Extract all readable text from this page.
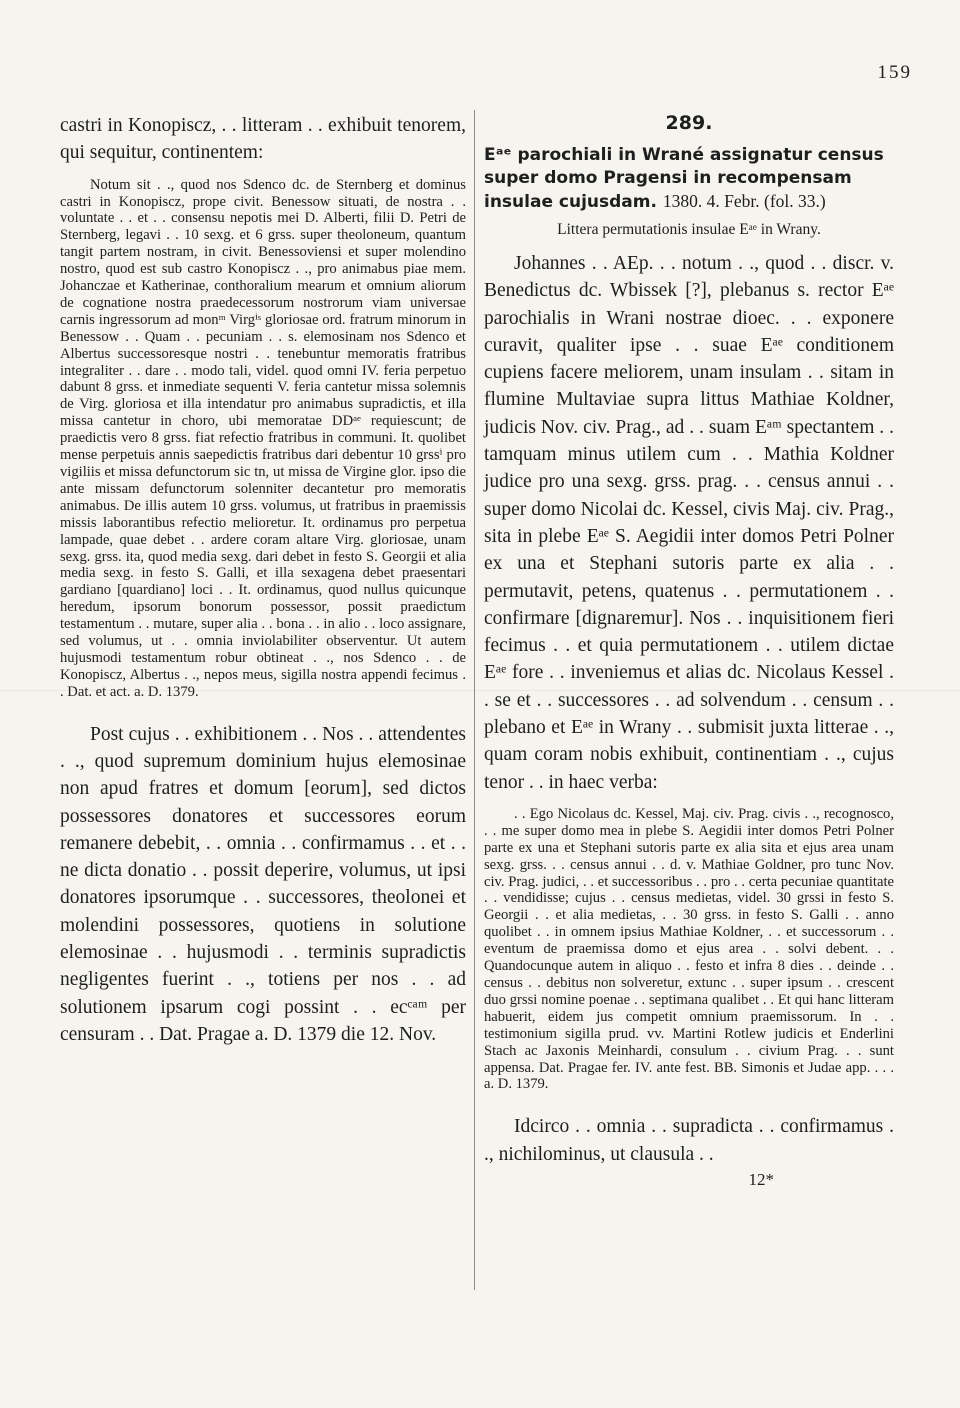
159

castri in Konopiscz, . . litteram . . exhibuit tenorem, qui sequitur, continentem:

Notum sit . ., quod nos Sdenco dc. de Sternberg et dominus castri in Konopiscz, prope civit. Benessow situati, de nostra . . voluntate . . et . . consensu nepotis mei D. Alberti, filii D. Petri de Sternberg, legavi . . 10 sexg. et 6 grss. super theoloneum, quantum tangit partem nostram, in civit. Benessoviensi et super molendino nostro, quod est sub castro Konopiscz . ., pro animabus piae mem. Johanczae et Katherinae, conthoralium mearum et omnium aliorum de cognatione nostra praedecessorum nostrorum viam universae carnis ingressorum ad monᵐ Virgⁱˢ gloriosae ord. fratrum minorum in Benessow . . Quam . . pecuniam . . s. elemosinam nos Sdenco et Albertus successoresque nostri . . tenebuntur memoratis fratribus integraliter . . dare . . modo tali, videl. quod omni IV. feria perpetuo dabunt 8 grss. et inmediate sequenti V. feria cantetur missa solemnis de Virg. gloriosa et illa intendatur pro animabus supradictis, et illa missa cantetur in choro, ubi memoratae DDᵃᵉ requiescunt; de praedictis vero 8 grss. fiat refectio fratribus in communi. It. quolibet mense perpetuis annis saepedictis fratribus dari debentur 10 grssⁱ pro vigiliis et missa defunctorum sic tn, ut missa de Virgine glor. ipso die ante missam defunctorum solenniter decantetur pro memoratis animabus. De illis autem 10 grss. volumus, ut fratribus in praemissis missis laborantibus refectio melioretur. It. ordinamus pro perpetua lampade, quae debet . . ardere coram altare Virg. gloriosae, unam sexg. grss. ita, quod media sexg. dari debet in festo S. Georgii et alia media sexg. in festo S. Galli, et illa sexagena debet praesentari gardiano [quardiano] loci . . It. ordinamus, quod nullus quicunque heredum, ipsorum bonorum possessor, possit praedictum testamentum . . mutare, super alia . . bona . . in alio . . loco assignare, sed volumus, ut . . omnia inviolabiliter observentur. Ut autem hujusmodi testamentum robur obtineat . ., nos Sdenco . . de Konopiscz, Albertus . ., nepos meus, sigilla nostra appendi fecimus . . Dat. et act. a. D. 1379.

Post cujus . . exhibitionem . . Nos . . attendentes . ., quod supremum dominium hujus elemosinae non apud fratres et domum [eorum], sed dictos possessores donatores et successores eorum remanere debebit, . . omnia . . confirmamus . . et . . ne dicta donatio . . possit deperire, volumus, ut ipsi donatores ipsorumque . . successores, theolonei et molendini possessores, quotiens in solutione elemosinae . . hujusmodi . . terminis supradictis negligentes fuerint . ., totiens per nos . . ad solutionem ipsarum cogi possint . . ecᶜᵃᵐ per censuram . . Dat. Pragae a. D. 1379 die 12. Nov.

289.

Eᵃᵉ parochiali in Wrané assignatur census super domo Pragensi in recompensam insulae cujusdam. 1380. 4. Febr. (fol. 33.)

Littera permutationis insulae Eᵃᵉ in Wrany.

Johannes . . AEp. . . notum . ., quod . . discr. v. Benedictus dc. Wbissek [?], plebanus s. rector Eᵃᵉ parochialis in Wrani nostrae dioec. . . exponere curavit, qualiter ipse . . suae Eᵃᵉ conditionem cupiens facere meliorem, unam insulam . . sitam in flumine Multaviae supra littus Mathiae Koldner, judicis Nov. civ. Prag., ad . . suam Eᵃᵐ spectantem . . tamquam minus utilem cum . . Mathia Koldner judice pro una sexg. grss. prag. . . census annui . . super domo Nicolai dc. Kessel, civis Maj. civ. Prag., sita in plebe Eᵃᵉ S. Aegidii inter domos Petri Polner ex una et Stephani sutoris parte ex alia . . permutavit, petens, quatenus . . permutationem . . confirmare [dignaremur]. Nos . . inquisitionem fieri fecimus . . et quia permutationem . . utilem dictae Eᵃᵉ fore . . inveniemus et alias dc. Nicolaus Kessel . . se et . . successores . . ad solvendum . . censum . . plebano et Eᵃᵉ in Wrany . . submisit juxta litterae . ., quam coram nobis exhibuit, continentiam . ., cujus tenor . . in haec verba:

. . Ego Nicolaus dc. Kessel, Maj. civ. Prag. civis . ., recognosco, . . me super domo mea in plebe S. Aegidii inter domos Petri Polner parte ex una et Stephani sutoris parte ex alia sita et ejus area unam sexg. grss. . . census annui . . d. v. Mathiae Goldner, pro tunc Nov. civ. Prag. judici, . . et successoribus . . pro . . certa pecuniae quantitate . . vendidisse; cujus . . census medietas, videl. 30 grssi in festo S. Georgii . . et alia medietas, . . 30 grss. in festo S. Galli . . anno quolibet . . in omnem ipsius Mathiae Koldner, . . et successorum . . eventum de praemissa domo et ejus area . . solvi debent. . . Quandocunque autem in aliquo . . festo et infra 8 dies . . deinde . . census . . debitus non solveretur, extunc . . super ipsum . . crescent duo grssi nomine poenae . . septimana qualibet . . Et qui hanc litteram habuerit, eidem jus competit omnium praemissorum. In . . testimonium sigilla prud. vv. Martini Rotlew judicis et Enderlini Stach ac Jaxonis Meinhardi, consulum . . civium Prag. . . sunt appensa. Dat. Pragae fer. IV. ante fest. BB. Simonis et Judae app. . . . a. D. 1379.

Idcirco . . omnia . . supradicta . . confirmamus . ., nichilominus, ut clausula . .

12*
